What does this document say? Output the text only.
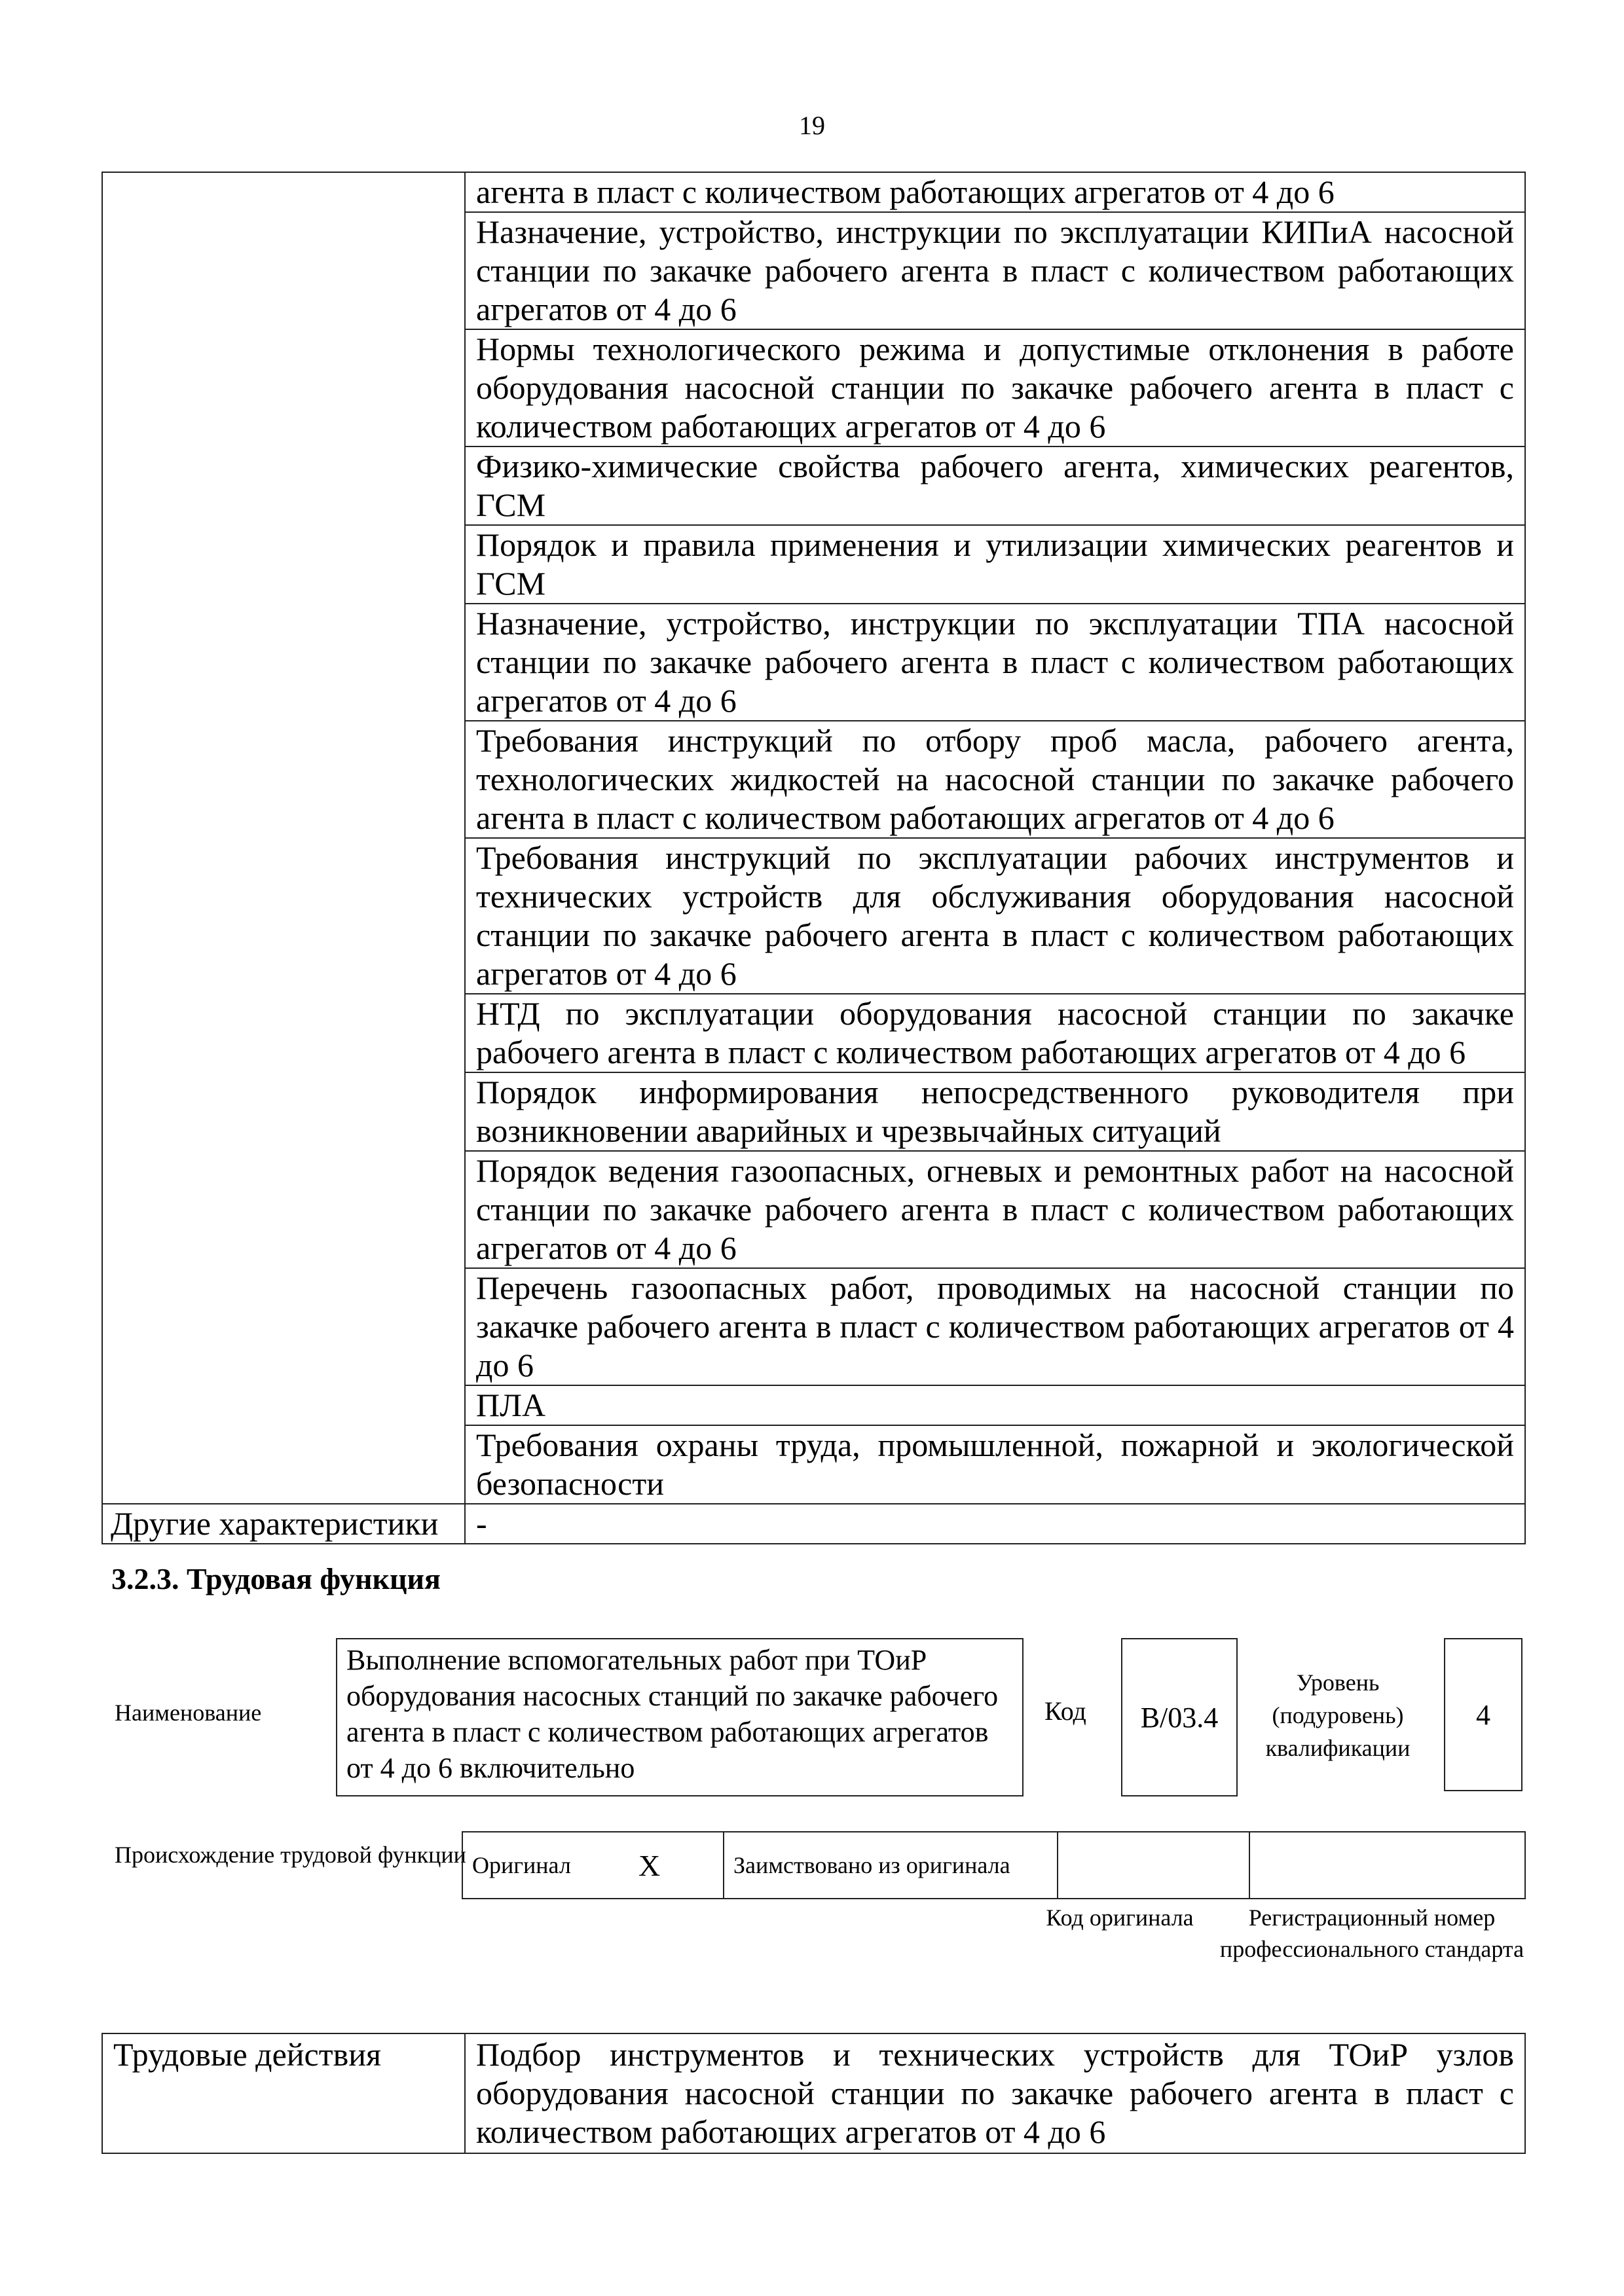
19
	агента в пласт с количеством работающих агрегатов от 4 до 6
	Назначение, устройство, инструкции по эксплуатации КИПиА насосной станции по закачке рабочего агента в пласт с количеством работающих агрегатов от 4 до 6
	Нормы технологического режима и допустимые отклонения в работе оборудования насосной станции по закачке рабочего агента в пласт с количеством работающих агрегатов от 4 до 6
	Физико-химические свойства рабочего агента, химических реагентов, ГСМ
	Порядок и правила применения и утилизации химических реагентов и ГСМ
	Назначение, устройство, инструкции по эксплуатации ТПА насосной станции по закачке рабочего агента в пласт с количеством работающих агрегатов от 4 до 6
	Требования инструкций по отбору проб масла, рабочего агента, технологических жидкостей на насосной станции по закачке рабочего агента в пласт с количеством работающих агрегатов от 4 до 6
	Требования инструкций по эксплуатации рабочих инструментов и технических устройств для обслуживания оборудования насосной станции по закачке рабочего агента в пласт с количеством работающих агрегатов от 4 до 6
	НТД по эксплуатации оборудования насосной станции по закачке рабочего агента в пласт с количеством работающих агрегатов от 4 до 6
	Порядок информирования непосредственного руководителя при возникновении аварийных и чрезвычайных ситуаций
	Порядок ведения газоопасных, огневых и ремонтных работ на насосной станции по закачке рабочего агента в пласт с количеством работающих агрегатов от 4 до 6
	Перечень газоопасных работ, проводимых на насосной станции по закачке рабочего агента в пласт с количеством работающих агрегатов от 4 до 6
	ПЛА
	Требования охраны труда, промышленной, пожарной и экологической безопасности
Другие характеристики	-
3.2.3. Трудовая функция
Наименование
Выполнение вспомогательных работ при ТОиР оборудования насосных станций по закачке рабочего агента в пласт с количеством работающих агрегатов от 4 до 6 включительно
Код	B/03.4
Уровень (подуровень) квалификации
4
Происхождение трудовой функции Оригинал	X	Заимствовано из оригинала		
Код оригинала	Регистрационный номер профессионального стандарта
Трудовые действия	Подбор инструментов и технических устройств для ТОиР узлов оборудования насосной станции по закачке рабочего агента в пласт с количеством работающих агрегатов от 4 до 6
